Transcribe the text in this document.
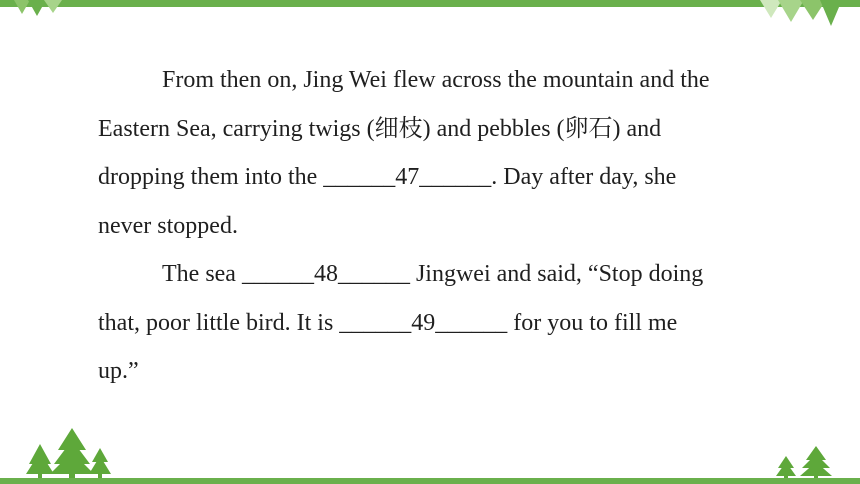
From then on, Jing Wei flew across the mountain and the

Eastern Sea, carrying twigs (细枝) and pebbles (卵石) and

dropping them into the ______47______. Day after day, she

never stopped.

The sea ______48______ Jingwei and said, “Stop doing

that, poor little bird. It is ______49______ for you to fill me

up.”
